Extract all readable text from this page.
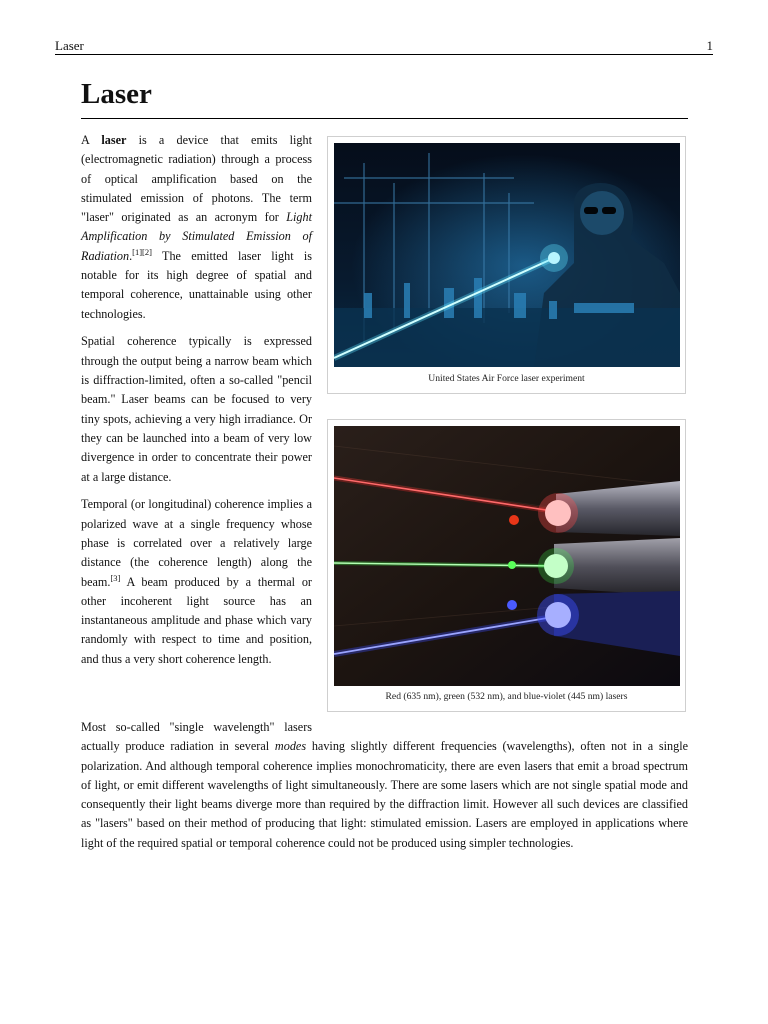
Laser	1
Laser

A laser is a device that emits light (electromagnetic radiation) through a process of optical amplification based on the stimulated emission of photons. The term "laser" originated as an acronym for Light Amplification by Stimulated Emission of Radiation.[1][2] The emitted laser light is notable for its high degree of spatial and temporal coherence, unattainable using other technologies.

Spatial coherence typically is expressed through the output being a narrow beam which is diffraction-limited, often a so-called "pencil beam." Laser beams can be focused to very tiny spots, achieving a very high irradiance. Or they can be launched into a beam of very low divergence in order to concentrate their power at a large distance.

Temporal (or longitudinal) coherence implies a polarized wave at a single frequency whose phase is correlated over a relatively large distance (the coherence length) along the beam.[3] A beam produced by a thermal or other incoherent light source has an instantaneous amplitude and phase which vary randomly with respect to time and position, and thus a very short coherence length.

Most so-called "single wavelength" lasers
actually produce radiation in several modes having slightly different frequencies (wavelengths), often not in a single polarization. And although temporal coherence implies monochromaticity, there are even lasers that emit a broad spectrum of light, or emit different wavelengths of light simultaneously. There are some lasers which are not single spatial mode and consequently their light beams diverge more than required by the diffraction limit. However all such devices are classified as "lasers" based on their method of producing that light: stimulated emission. Lasers are employed in applications where light of the required spatial or temporal coherence could not be produced using simpler technologies.

United States Air Force laser experiment
Red (635 nm), green (532 nm), and blue-violet (445 nm) lasers
